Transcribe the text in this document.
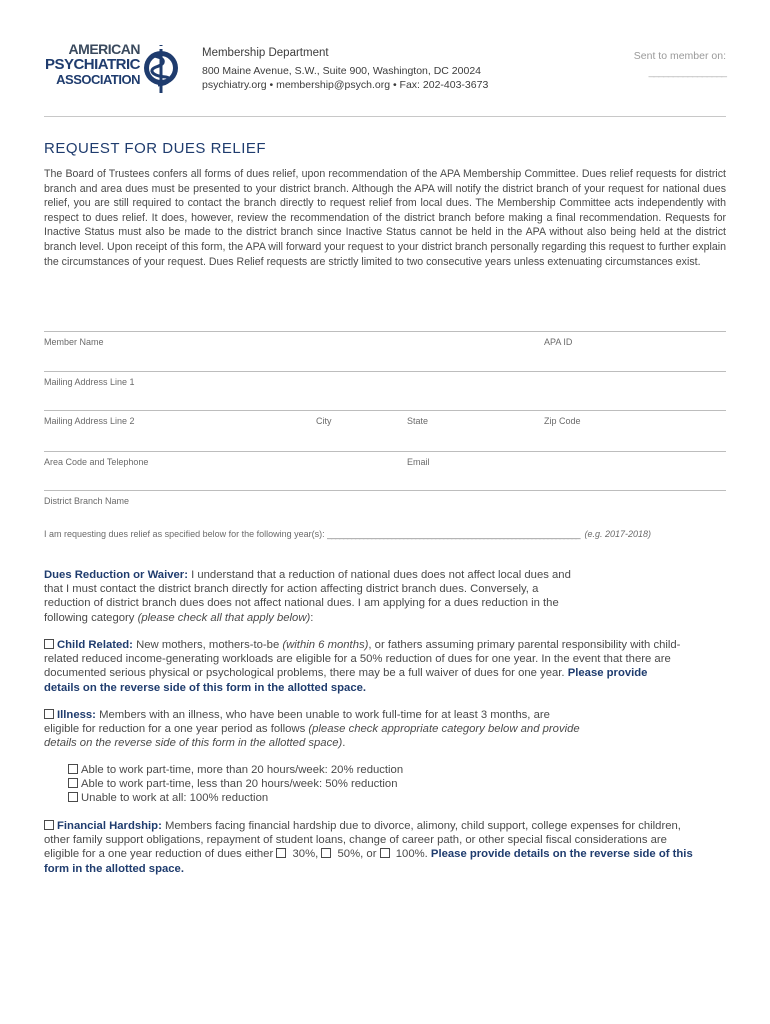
AMERICAN
PSYCHIATRIC
ASSOCIATION
Membership Department
800 Maine Avenue, S.W., Suite 900, Washington, DC 20024
psychiatry.org • membership@psych.org • Fax: 202-403-3673
Sent to member on:
________________
REQUEST FOR DUES RELIEF
The Board of Trustees confers all forms of dues relief, upon recommendation of the APA Membership Committee. Dues relief requests for district branch and area dues must be presented to your district branch. Although the APA will notify the district branch of your request for national dues relief, you are still required to contact the branch directly to request relief from local dues. The Membership Committee acts independently with respect to dues relief. It does, however, review the recommendation of the district branch before making a final recommendation. Requests for Inactive Status must also be made to the district branch since Inactive Status cannot be held in the APA without also being held at the district branch level. Upon receipt of this form, the APA will forward your request to your district branch personally regarding this request to further explain the circumstances of your request. Dues Relief requests are strictly limited to two consecutive years unless extenuating circumstances exist.
Member Name	APA ID
Mailing Address Line 1
Mailing Address Line 2	City	State	Zip Code
Area Code and Telephone	Email
District Branch Name
I am requesting dues relief as specified below for the following year(s): _______________________________________________________________ (e.g. 2017-2018)
Dues Reduction or Waiver: I understand that a reduction of national dues does not affect local dues and that I must contact the district branch directly for action affecting district branch dues. Conversely, a reduction of district branch dues does not affect national dues. I am applying for a dues reduction in the following category (please check all that apply below):
Child Related: New mothers, mothers-to-be (within 6 months), or fathers assuming primary parental responsibility with child-related reduced income-generating workloads are eligible for a 50% reduction of dues for one year. In the event that there are documented serious physical or psychological problems, there may be a full waiver of dues for one year. Please provide details on the reverse side of this form in the allotted space.
Illness: Members with an illness, who have been unable to work full-time for at least 3 months, are eligible for reduction for a one year period as follows (please check appropriate category below and provide details on the reverse side of this form in the allotted space).
Able to work part-time, more than 20 hours/week: 20% reduction
Able to work part-time, less than 20 hours/week: 50% reduction
Unable to work at all: 100% reduction
Financial Hardship: Members facing financial hardship due to divorce, alimony, child support, college expenses for children, other family support obligations, repayment of student loans, change of career path, or other special fiscal considerations are eligible for a one year reduction of dues either  30%,  50%, or  100%. Please provide details on the reverse side of this form in the allotted space.
